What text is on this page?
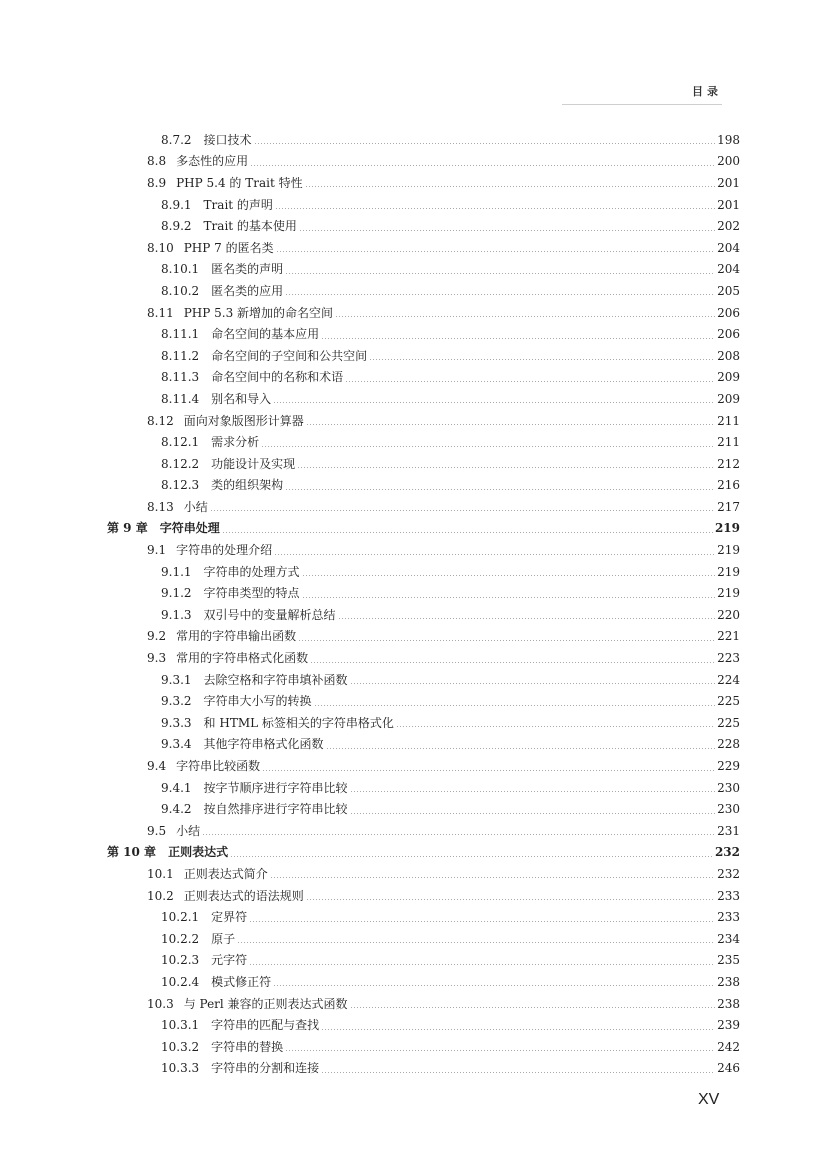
目录
8.7.2 接口技术	198
8.8 多态性的应用	200
8.9 PHP 5.4 的 Trait 特性	201
8.9.1 Trait 的声明	201
8.9.2 Trait 的基本使用	202
8.10 PHP 7 的匿名类	204
8.10.1 匿名类的声明	204
8.10.2 匿名类的应用	205
8.11 PHP 5.3 新增加的命名空间	206
8.11.1 命名空间的基本应用	206
8.11.2 命名空间的子空间和公共空间	208
8.11.3 命名空间中的名称和术语	209
8.11.4 别名和导入	209
8.12 面向对象版图形计算器	211
8.12.1 需求分析	211
8.12.2 功能设计及实现	212
8.12.3 类的组织架构	216
8.13 小结	217
第 9 章 字符串处理	219
9.1 字符串的处理介绍	219
9.1.1 字符串的处理方式	219
9.1.2 字符串类型的特点	219
9.1.3 双引号中的变量解析总结	220
9.2 常用的字符串输出函数	221
9.3 常用的字符串格式化函数	223
9.3.1 去除空格和字符串填补函数	224
9.3.2 字符串大小写的转换	225
9.3.3 和 HTML 标签相关的字符串格式化	225
9.3.4 其他字符串格式化函数	228
9.4 字符串比较函数	229
9.4.1 按字节顺序进行字符串比较	230
9.4.2 按自然排序进行字符串比较	230
9.5 小结	231
第 10 章 正则表达式	232
10.1 正则表达式简介	232
10.2 正则表达式的语法规则	233
10.2.1 定界符	233
10.2.2 原子	234
10.2.3 元字符	235
10.2.4 模式修正符	238
10.3 与 Perl 兼容的正则表达式函数	238
10.3.1 字符串的匹配与查找	239
10.3.2 字符串的替换	242
10.3.3 字符串的分割和连接	246
XV
